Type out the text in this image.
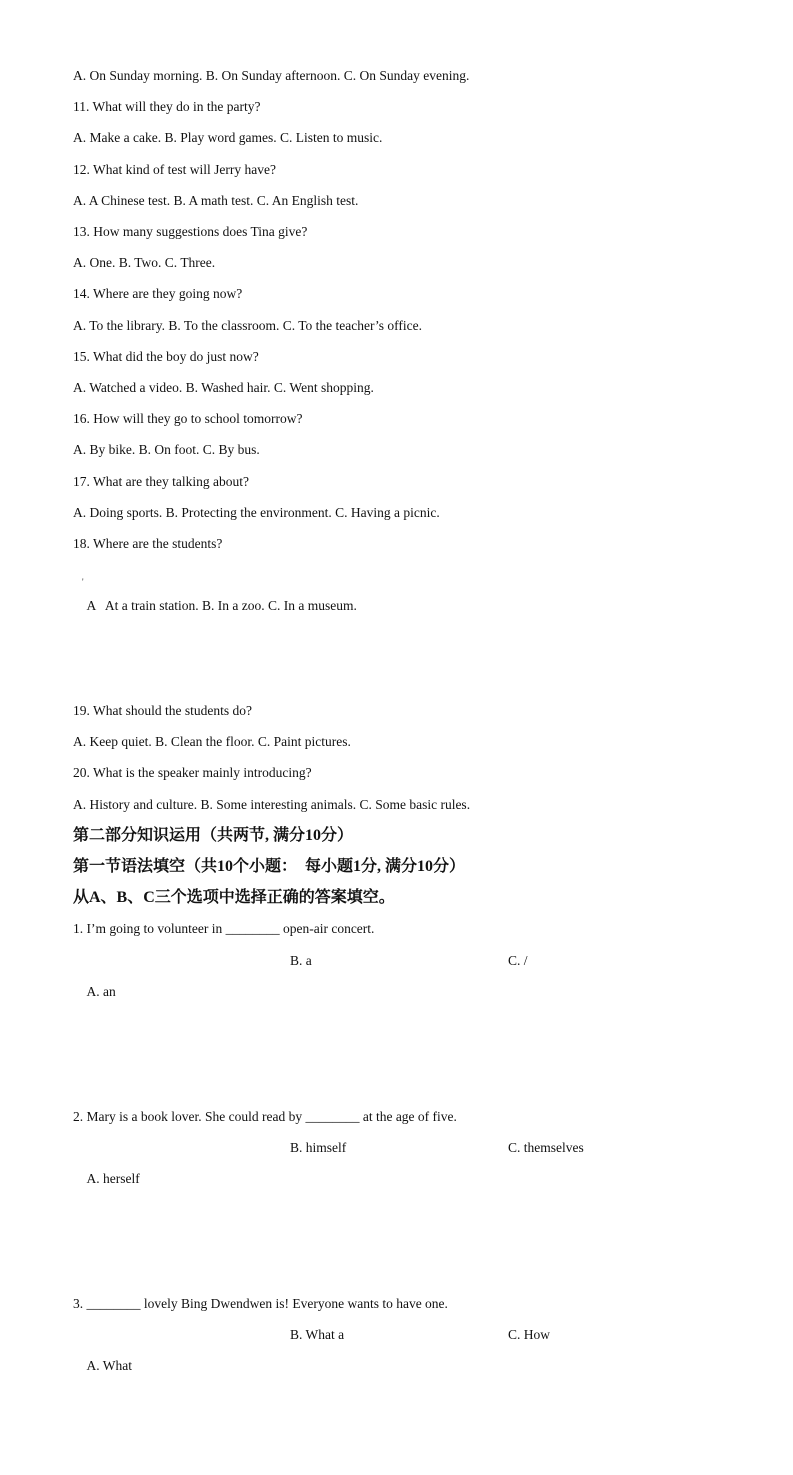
A. On Sunday morning. B. On Sunday afternoon. C. On Sunday evening.
11. What will they do in the party?
A. Make a cake. B. Play word games. C. Listen to music.
12. What kind of test will Jerry have?
A. A Chinese test. B. A math test. C. An English test.
13. How many suggestions does Tina give?
A. One. B. Two. C. Three.
14. Where are they going now?
A. To the library. B. To the classroom. C. To the teacher’s office.
15. What did the boy do just now?
A. Watched a video. B. Washed hair. C. Went shopping.
16. How will they go to school tomorrow?
A. By bike. B. On foot. C. By bus.
17. What are they talking about?
A. Doing sports. B. Protecting the environment. C. Having a picnic.
18. Where are the students?

A   At a train station. B. In a zoo. C. In a museum.

'

19. What should the students do?
A. Keep quiet. B. Clean the floor. C. Paint pictures.
20. What is the speaker mainly introducing?
A. History and culture. B. Some interesting animals. C. Some basic rules.
第二部分知识运用（共两节, 满分10分）
第一节语法填空（共10个小题：  每小题1分, 满分10分）
从A、B、C三个选项中选择正确的答案填空。
1. I’m going to volunteer in ________ open-air concert.

A. an

B. a

	C. /

2. Mary is a book lover. She could read by ________ at the age of five.

A. herself

B. himself

	C. themselves

3. ________ lovely Bing Dwendwen is! Everyone wants to have one.

A. What

B. What a

	C. How
